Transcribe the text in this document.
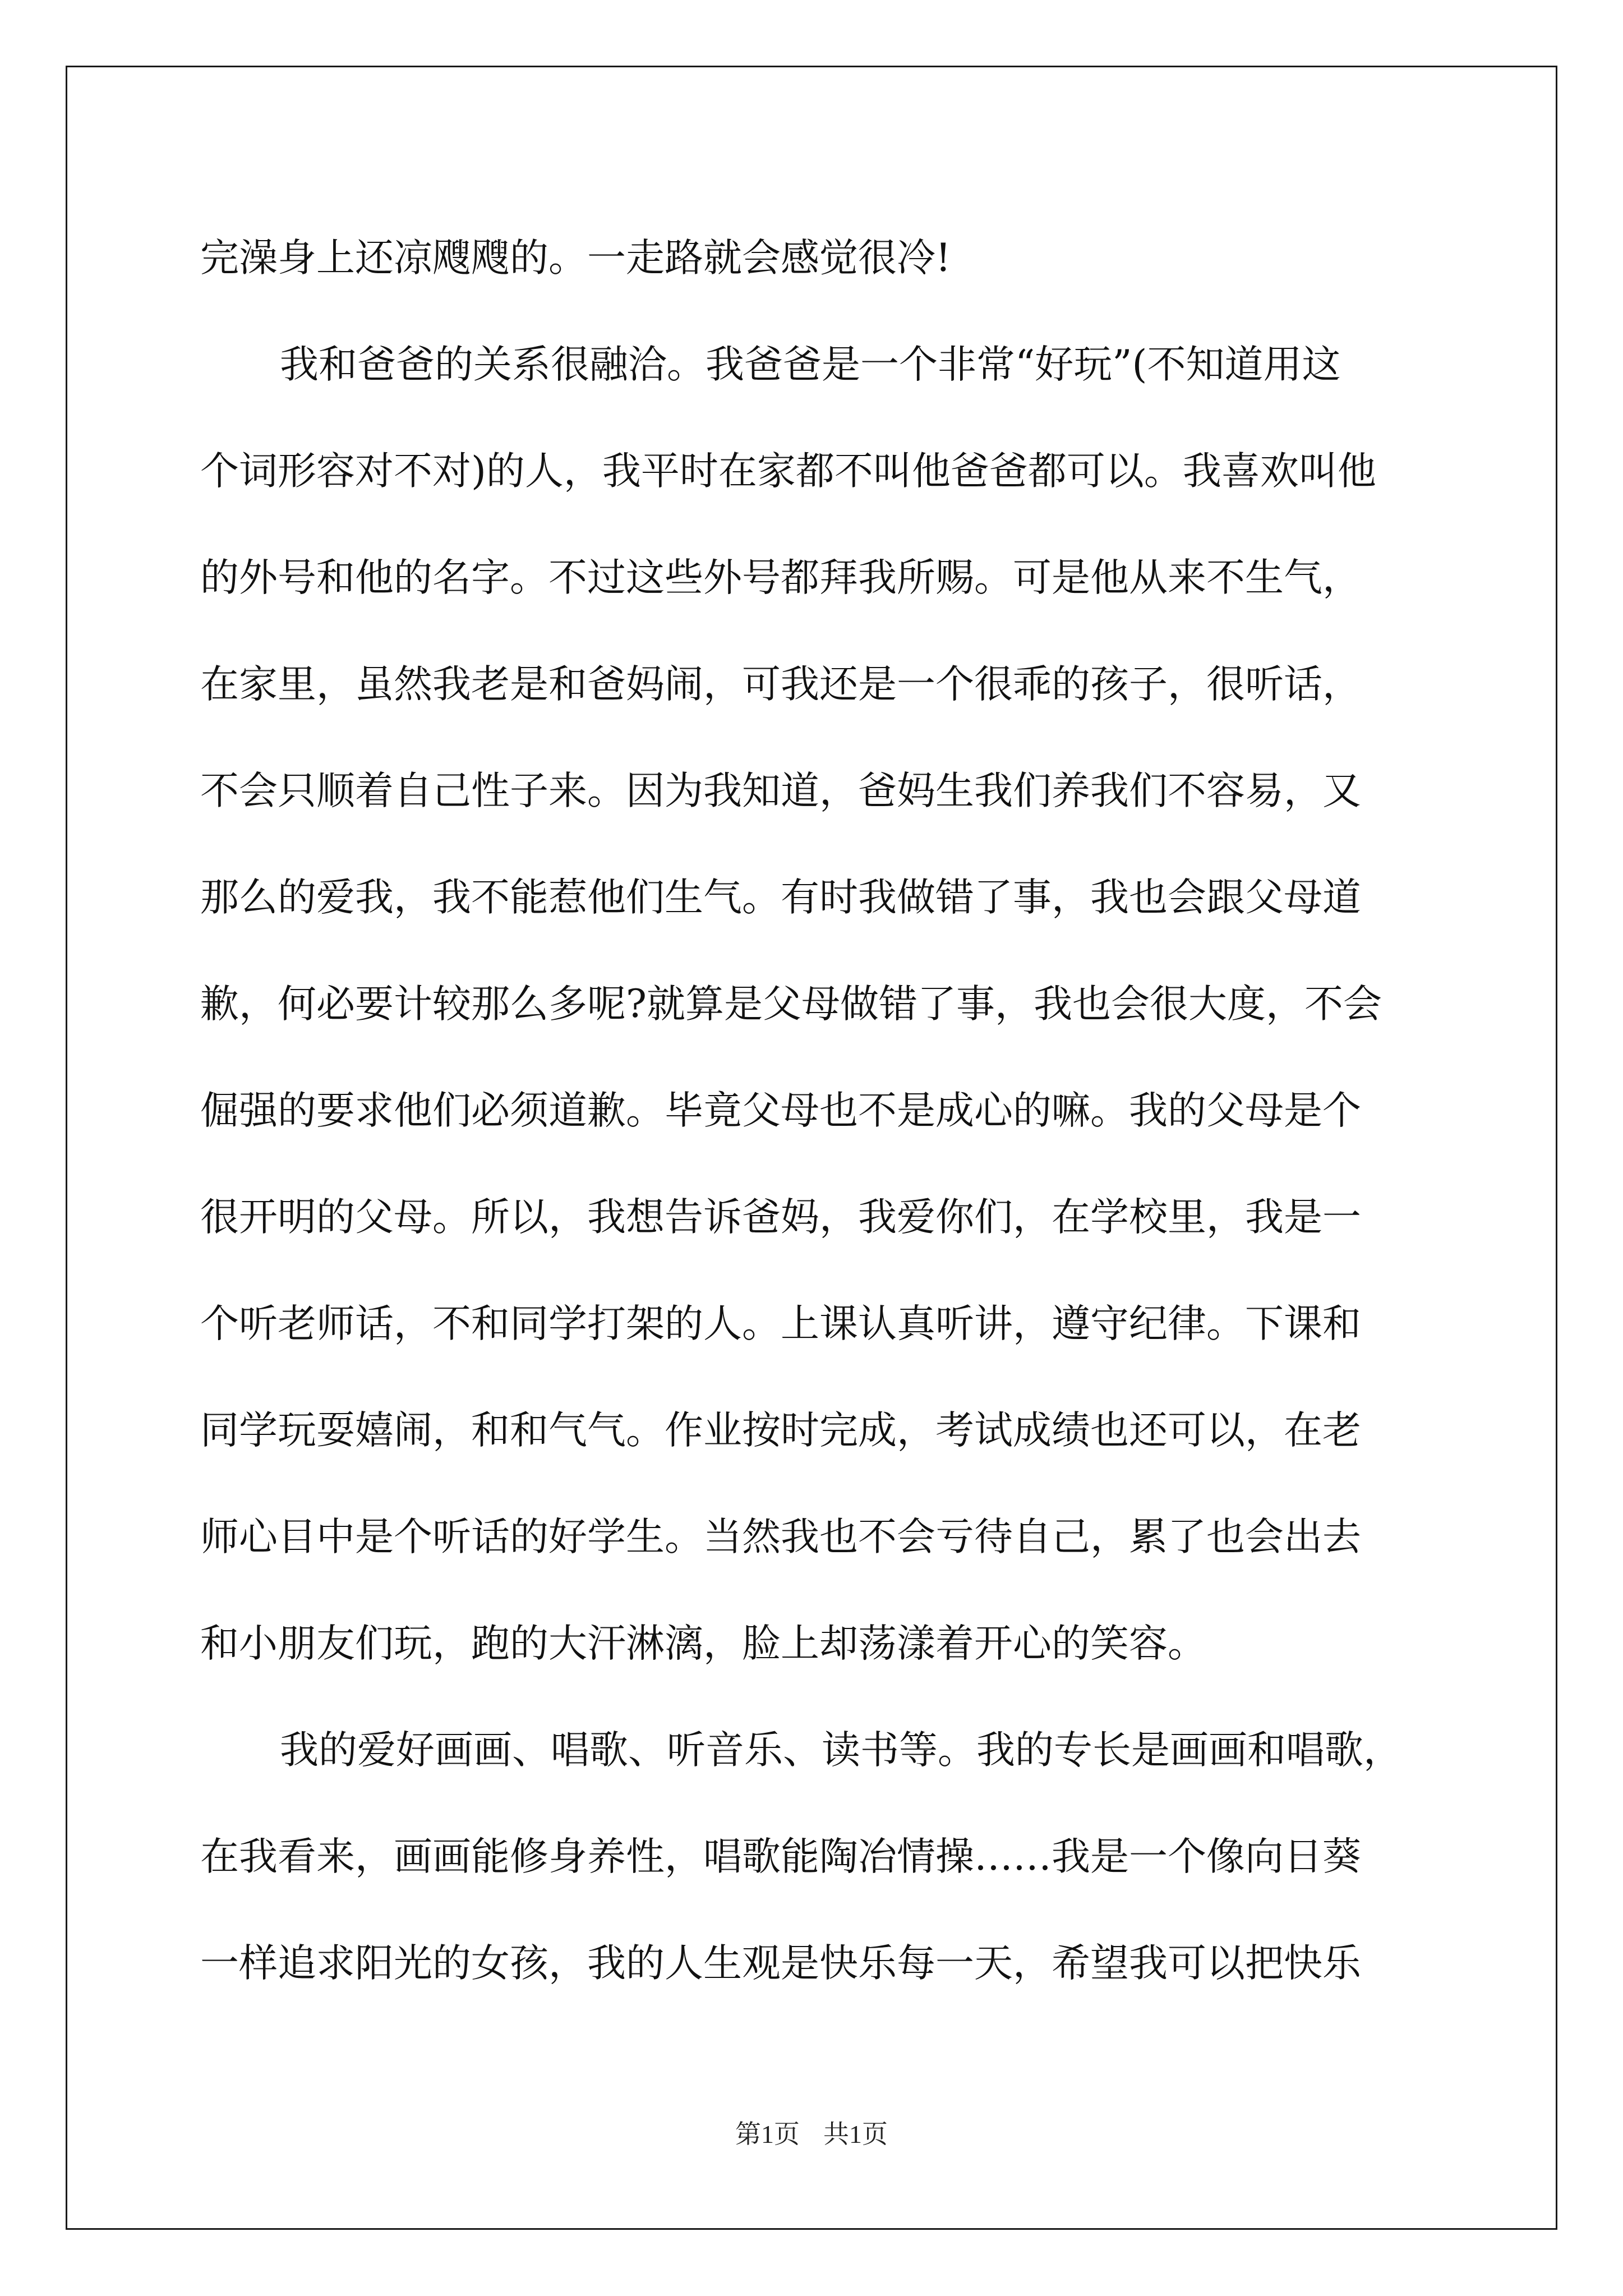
完澡身上还凉飕飕的。一走路就会感觉很冷!
我和爸爸的关系很融洽。我爸爸是一个非常“好玩”(不知道用这
个词形容对不对)的人，我平时在家都不叫他爸爸都可以。我喜欢叫他
的外号和他的名字。不过这些外号都拜我所赐。可是他从来不生气，
在家里，虽然我老是和爸妈闹，可我还是一个很乖的孩子，很听话，
不会只顺着自己性子来。因为我知道，爸妈生我们养我们不容易，又
那么的爱我，我不能惹他们生气。有时我做错了事，我也会跟父母道
歉，何必要计较那么多呢?就算是父母做错了事，我也会很大度，不会
倔强的要求他们必须道歉。毕竟父母也不是成心的嘛。我的父母是个
很开明的父母。所以，我想告诉爸妈，我爱你们，在学校里，我是一
个听老师话，不和同学打架的人。上课认真听讲，遵守纪律。下课和
同学玩耍嬉闹，和和气气。作业按时完成，考试成绩也还可以，在老
师心目中是个听话的好学生。当然我也不会亏待自己，累了也会出去
和小朋友们玩，跑的大汗淋漓，脸上却荡漾着开心的笑容。
我的爱好画画、唱歌、听音乐、读书等。我的专长是画画和唱歌，
在我看来，画画能修身养性，唱歌能陶冶情操……我是一个像向日葵
一样追求阳光的女孩，我的人生观是快乐每一天，希望我可以把快乐
第1页 共1页
